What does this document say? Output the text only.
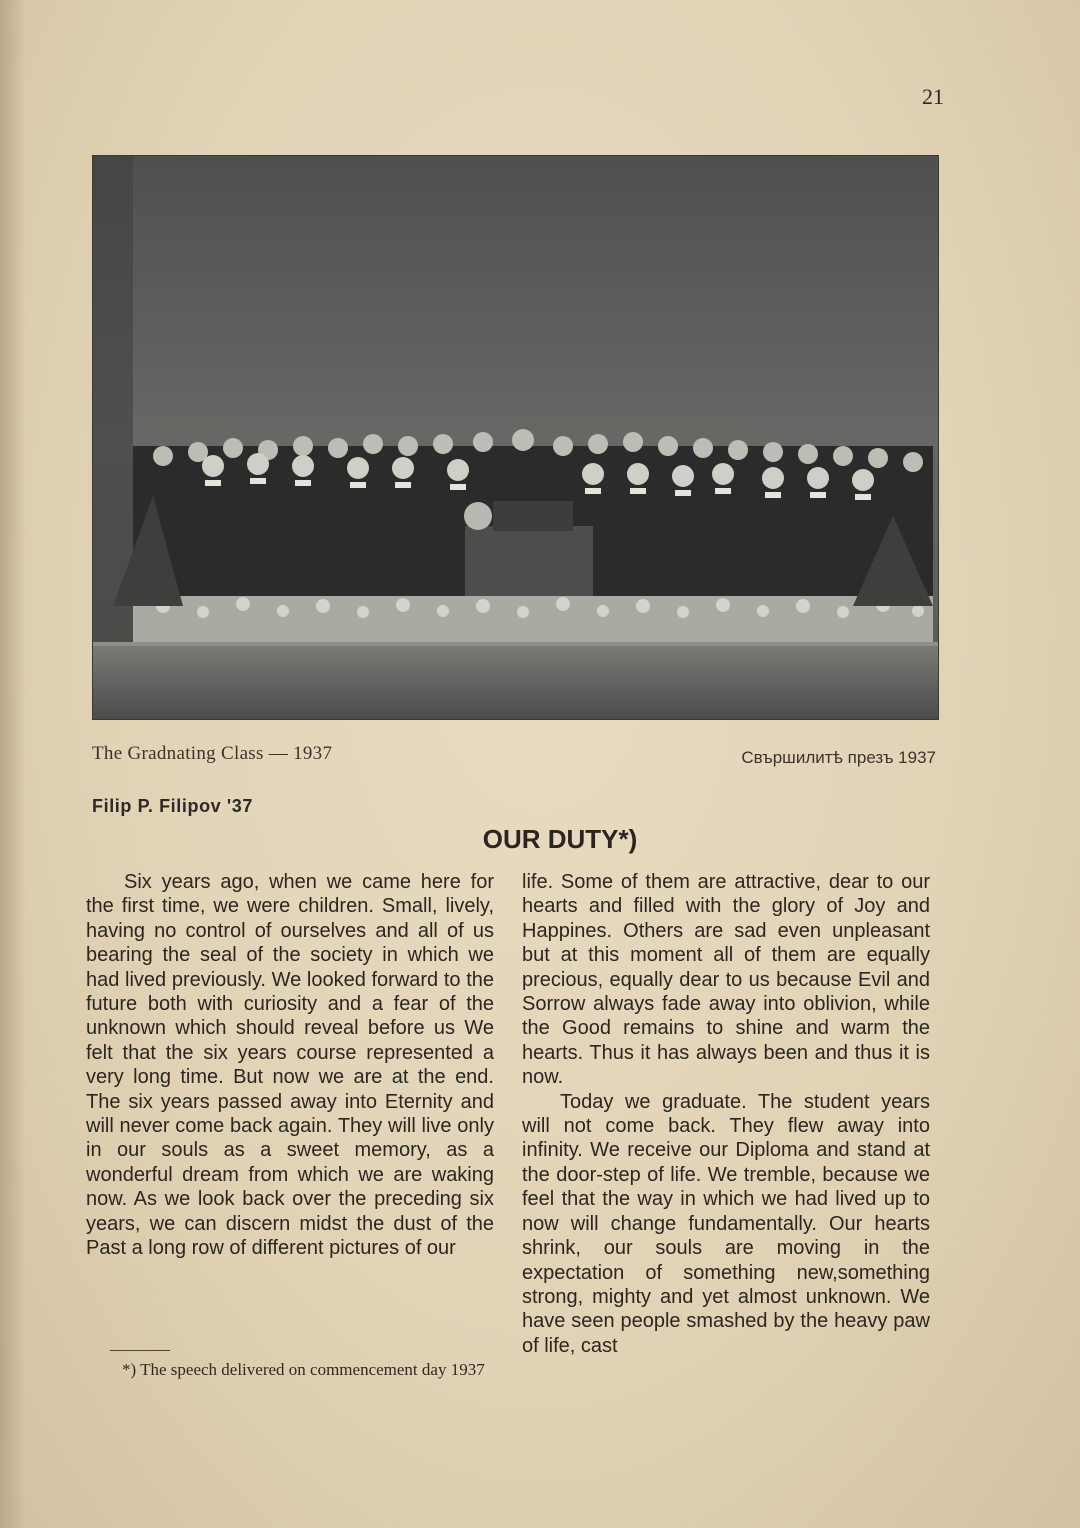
21
The Gradnating Class — 1937	Свършилитѣ презъ 1937
Filip P. Filipov '37
OUR DUTY*)

Six years ago, when we came here for the first time, we were children. Small, lively, having no control of ourselves and all of us bearing the seal of the society in which we had lived previously. We looked forward to the future both with curiosity and a fear of the unknown which should reveal before us We felt that the six years course represented a very long time. But now we are at the end. The six years passed away into Eternity and will never come back again. They will live only in our souls as a sweet memory, as a wonderful dream from which we are waking now. As we look back over the preceding six years, we can discern midst the dust of the Past a long row of different pictures of our

life. Some of them are attractive, dear to our hearts and filled with the glory of Joy and Happines. Others are sad even unpleasant but at this moment all of them are equally precious, equally dear to us because Evil and Sorrow always fade away into oblivion, while the Good remains to shine and warm the hearts. Thus it has always been and thus it is now.

Today we graduate. The student years will not come back. They flew away into infinity. We receive our Diploma and stand at the door-step of life. We tremble, because we feel that the way in which we had lived up to now will change fundamentally. Our hearts shrink, our souls are moving in the expectation of something new,something strong, mighty and yet almost unknown. We have seen people smashed by the heavy paw of life, cast

*) The speech delivered on commencement day 1937
